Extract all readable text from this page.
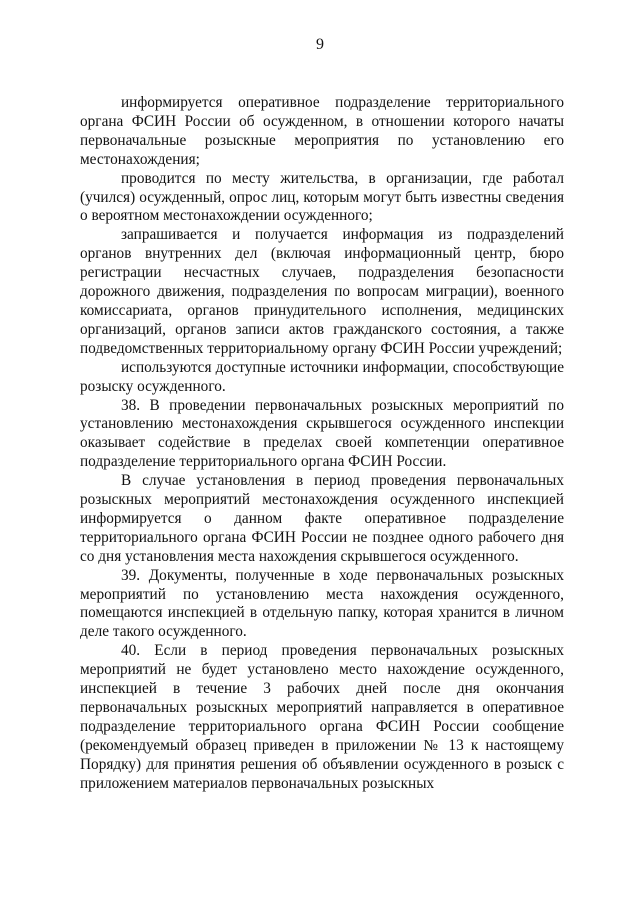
9

информируется оперативное подразделение территориального органа ФСИН России об осужденном, в отношении которого начаты первоначальные розыскные мероприятия по установлению его местонахождения;

проводится по месту жительства, в организации, где работал (учился) осужденный, опрос лиц, которым могут быть известны сведения о вероятном местонахождении осужденного;

запрашивается и получается информация из подразделений органов внутренних дел (включая информационный центр, бюро регистрации несчастных случаев, подразделения безопасности дорожного движения, подразделения по вопросам миграции), военного комиссариата, органов принудительного исполнения, медицинских организаций, органов записи актов гражданского состояния, а также подведомственных территориальному органу ФСИН России учреждений;

используются доступные источники информации, способствующие розыску осужденного.

38. В проведении первоначальных розыскных мероприятий по установлению местонахождения скрывшегося осужденного инспекции оказывает содействие в пределах своей компетенции оперативное подразделение территориального органа ФСИН России.

В случае установления в период проведения первоначальных розыскных мероприятий местонахождения осужденного инспекцией информируется о данном факте оперативное подразделение территориального органа ФСИН России не позднее одного рабочего дня со дня установления места нахождения скрывшегося осужденного.

39. Документы, полученные в ходе первоначальных розыскных мероприятий по установлению места нахождения осужденного, помещаются инспекцией в отдельную папку, которая хранится в личном деле такого осужденного.

40. Если в период проведения первоначальных розыскных мероприятий не будет установлено место нахождение осужденного, инспекцией в течение 3 рабочих дней после дня окончания первоначальных розыскных мероприятий направляется в оперативное подразделение территориального органа ФСИН России сообщение (рекомендуемый образец приведен в приложении № 13 к настоящему Порядку) для принятия решения об объявлении осужденного в розыск с приложением материалов первоначальных розыскных
